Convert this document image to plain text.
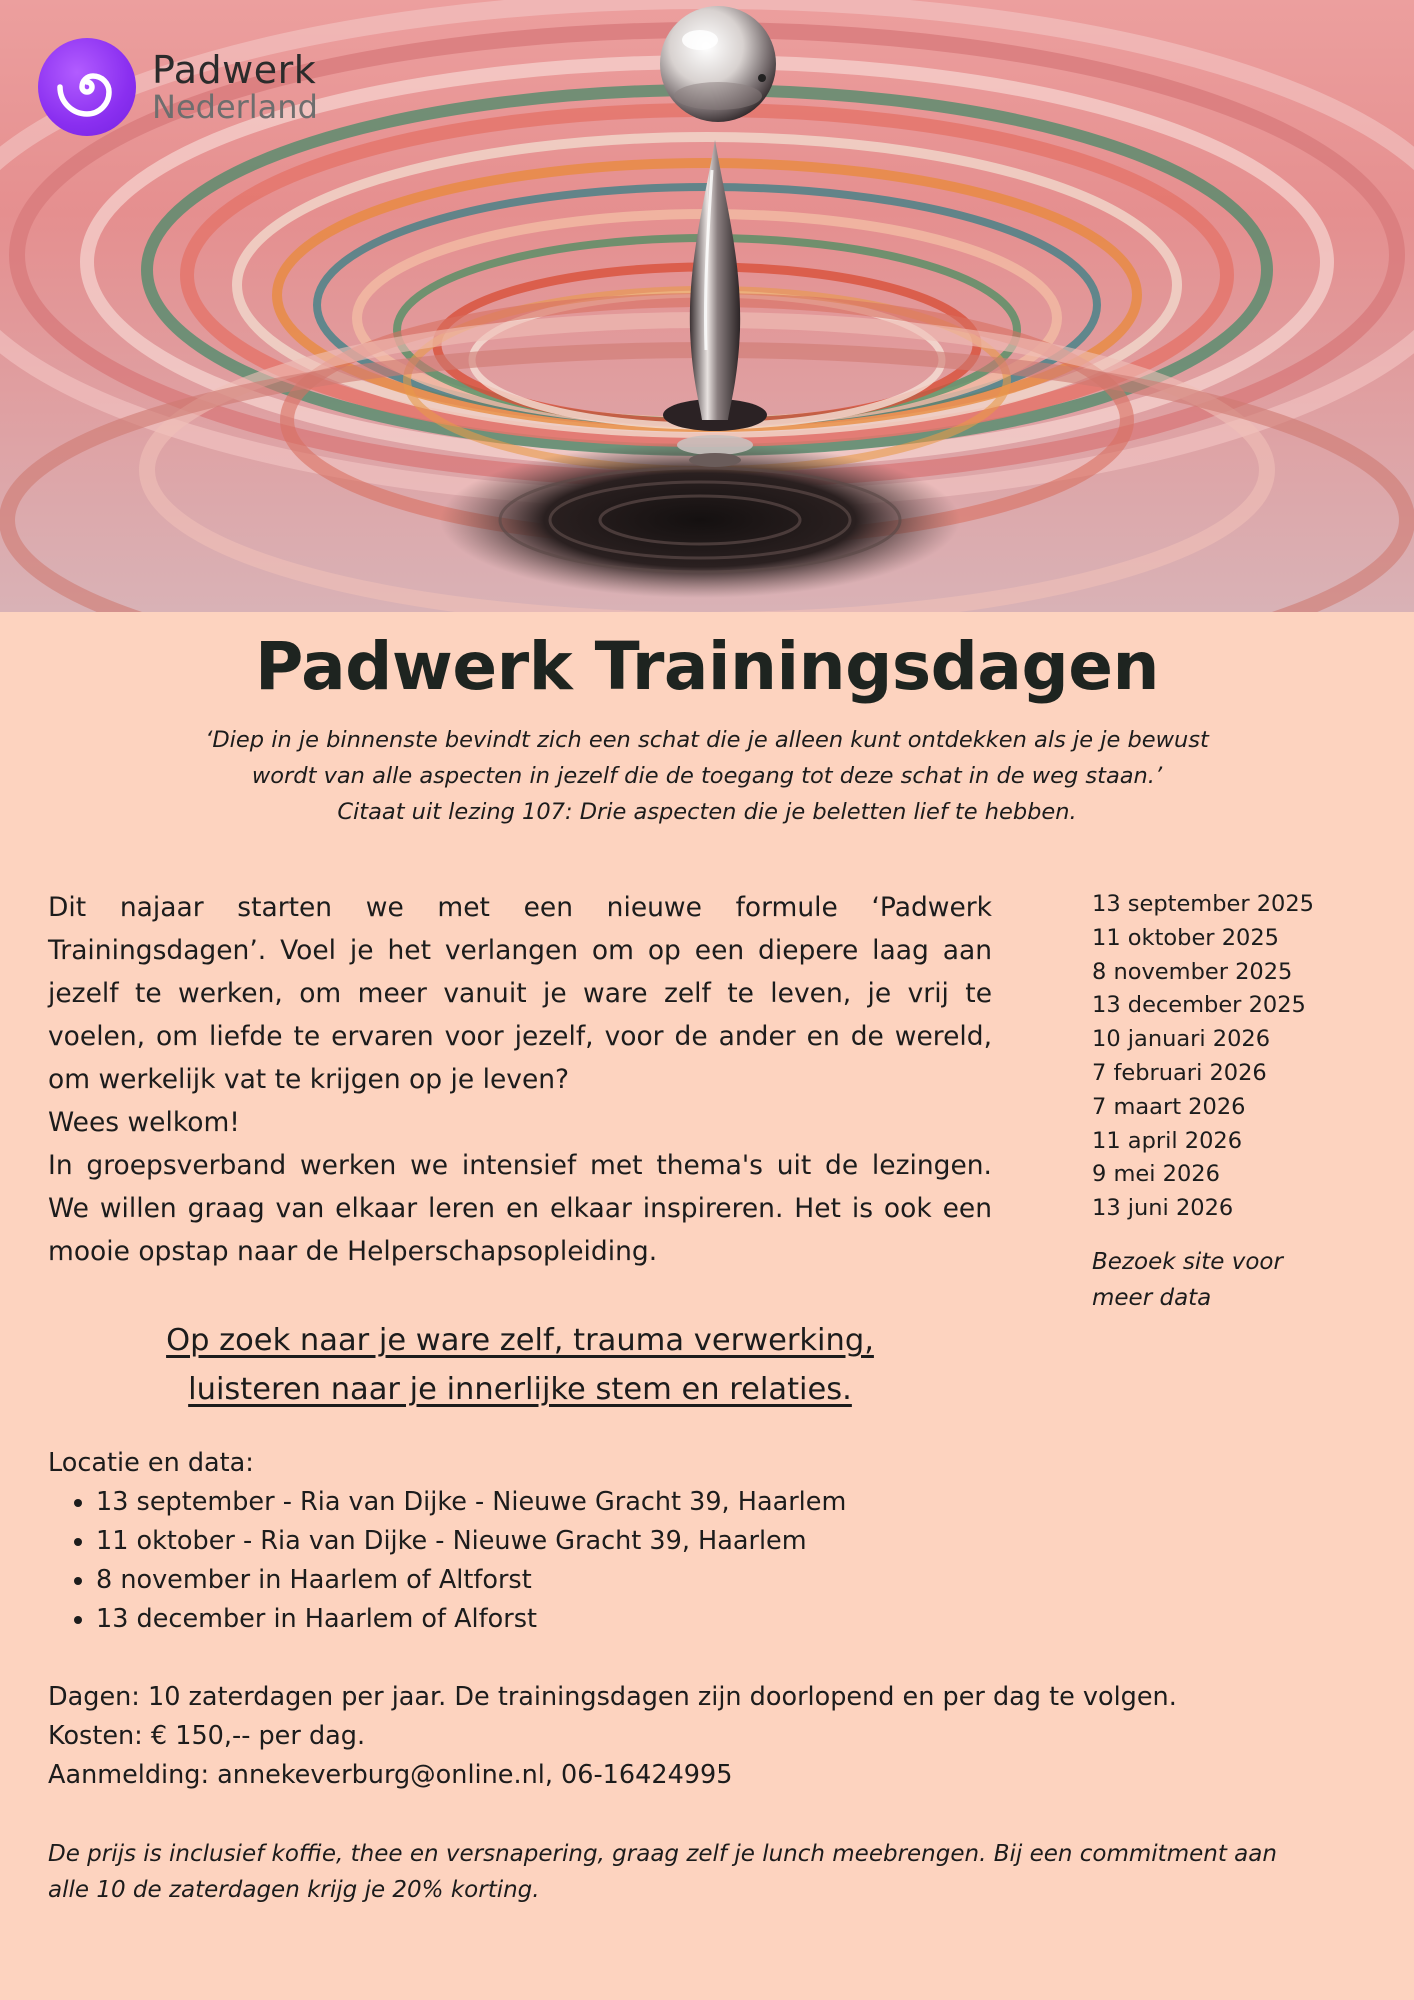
Padwerk
Nederland
Padwerk Trainingsdagen
‘Diep in je binnenste bevindt zich een schat die je alleen kunt ontdekken als je je bewust
wordt van alle aspecten in jezelf die de toegang tot deze schat in de weg staan.’
Citaat uit lezing 107: Drie aspecten die je beletten lief te hebben.

Dit najaar starten we met een nieuwe formule ‘Padwerk Trainingsdagen’. Voel je het verlangen om op een diepere laag aan jezelf te werken, om meer vanuit je ware zelf te leven, je vrij te voelen, om liefde te ervaren voor jezelf, voor de ander en de wereld, om werkelijk vat te krijgen op je leven?

Wees welkom!

In groepsverband werken we intensief met thema's uit de lezingen. We willen graag van elkaar leren en elkaar inspireren. Het is ook een mooie opstap naar de Helperschapsopleiding.

13 september 2025
11 oktober 2025
8 november 2025
13 december 2025
10 januari 2026
7 februari 2026
7 maart 2026
11 april 2026
9 mei 2026
13 juni 2026
Bezoek site voor meer data
Op zoek naar je ware zelf, trauma verwerking,
luisteren naar je innerlijke stem en relaties.
Locatie en data:
• 13 september - Ria van Dijke - Nieuwe Gracht 39, Haarlem
• 11 oktober - Ria van Dijke - Nieuwe Gracht 39, Haarlem
• 8 november in Haarlem of Altforst
• 13 december in Haarlem of Alforst
Dagen: 10 zaterdagen per jaar. De trainingsdagen zijn doorlopend en per dag te volgen.
Kosten: € 150,-- per dag.
Aanmelding: annekeverburg@online.nl, 06-16424995
De prijs is inclusief koffie, thee en versnapering, graag zelf je lunch meebrengen. Bij een commitment aan alle 10 de zaterdagen krijg je 20% korting.
